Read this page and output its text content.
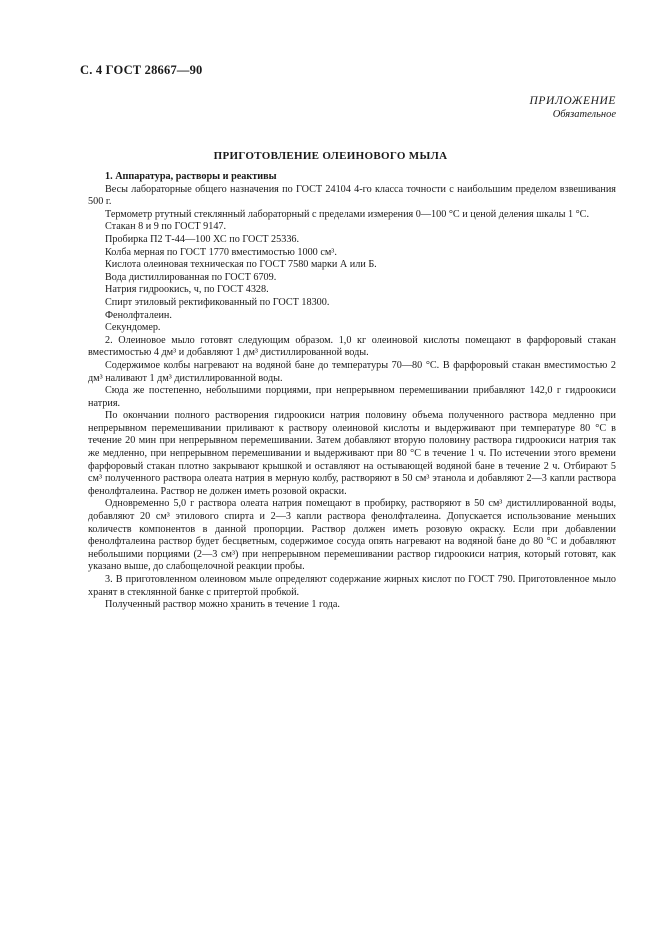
С. 4 ГОСТ 28667—90
ПРИЛОЖЕНИЕ
Обязательное
ПРИГОТОВЛЕНИЕ ОЛЕИНОВОГО МЫЛА

1. Аппаратура, растворы и реактивы

Весы лабораторные общего назначения по ГОСТ 24104 4-го класса точности с наибольшим пределом взвешивания 500 г.

Термометр ртутный стеклянный лабораторный с пределами измерения 0—100 °С и ценой деления шкалы 1 °С.

Стакан 8 и 9 по ГОСТ 9147.

Пробирка П2 Т-44—100 ХС по ГОСТ 25336.

Колба мерная по ГОСТ 1770 вместимостью 1000 см³.

Кислота олеиновая техническая по ГОСТ 7580 марки А или Б.

Вода дистиллированная по ГОСТ 6709.

Натрия гидроокись, ч, по ГОСТ 4328.

Спирт этиловый ректификованный по ГОСТ 18300.

Фенолфталеин.

Секундомер.

2. Олеиновое мыло готовят следующим образом. 1,0 кг олеиновой кислоты помещают в фарфоровый стакан вместимостью 4 дм³ и добавляют 1 дм³ дистиллированной воды.

Содержимое колбы нагревают на водяной бане до температуры 70—80 °С. В фарфоровый стакан вместимостью 2 дм³ наливают 1 дм³ дистиллированной воды.

Сюда же постепенно, небольшими порциями, при непрерывном перемешивании прибавляют 142,0 г гидроокиси натрия.

По окончании полного растворения гидроокиси натрия половину объема полученного раствора медленно при непрерывном перемешивании приливают к раствору олеиновой кислоты и выдерживают при температуре 80 °С в течение 20 мин при непрерывном перемешивании. Затем добавляют вторую половину раствора гидроокиси натрия так же медленно, при непрерывном перемешивании и выдерживают при 80 °С в течение 1 ч. По истечении этого времени фарфоровый стакан плотно закрывают крышкой и оставляют на остывающей водяной бане в течение 2 ч. Отбирают 5 см³ полученного раствора олеата натрия в мерную колбу, растворяют в 50 см³ этанола и добавляют 2—3 капли раствора фенолфталеина. Раствор не должен иметь розовой окраски.

Одновременно 5,0 г раствора олеата натрия помещают в пробирку, растворяют в 50 см³ дистиллированной воды, добавляют 20 см³ этилового спирта и 2—3 капли раствора фенолфталеина. Допускается использование меньших количеств компонентов в данной пропорции. Раствор должен иметь розовую окраску. Если при добавлении фенолфталеина раствор будет бесцветным, содержимое сосуда опять нагревают на водяной бане до 80 °С и добавляют небольшими порциями (2—3 см³) при непрерывном перемешивании раствор гидроокиси натрия, который готовят, как указано выше, до слабощелочной реакции пробы.

3. В приготовленном олеиновом мыле определяют содержание жирных кислот по ГОСТ 790. Приготовленное мыло хранят в стеклянной банке с притертой пробкой.

Полученный раствор можно хранить в течение 1 года.
